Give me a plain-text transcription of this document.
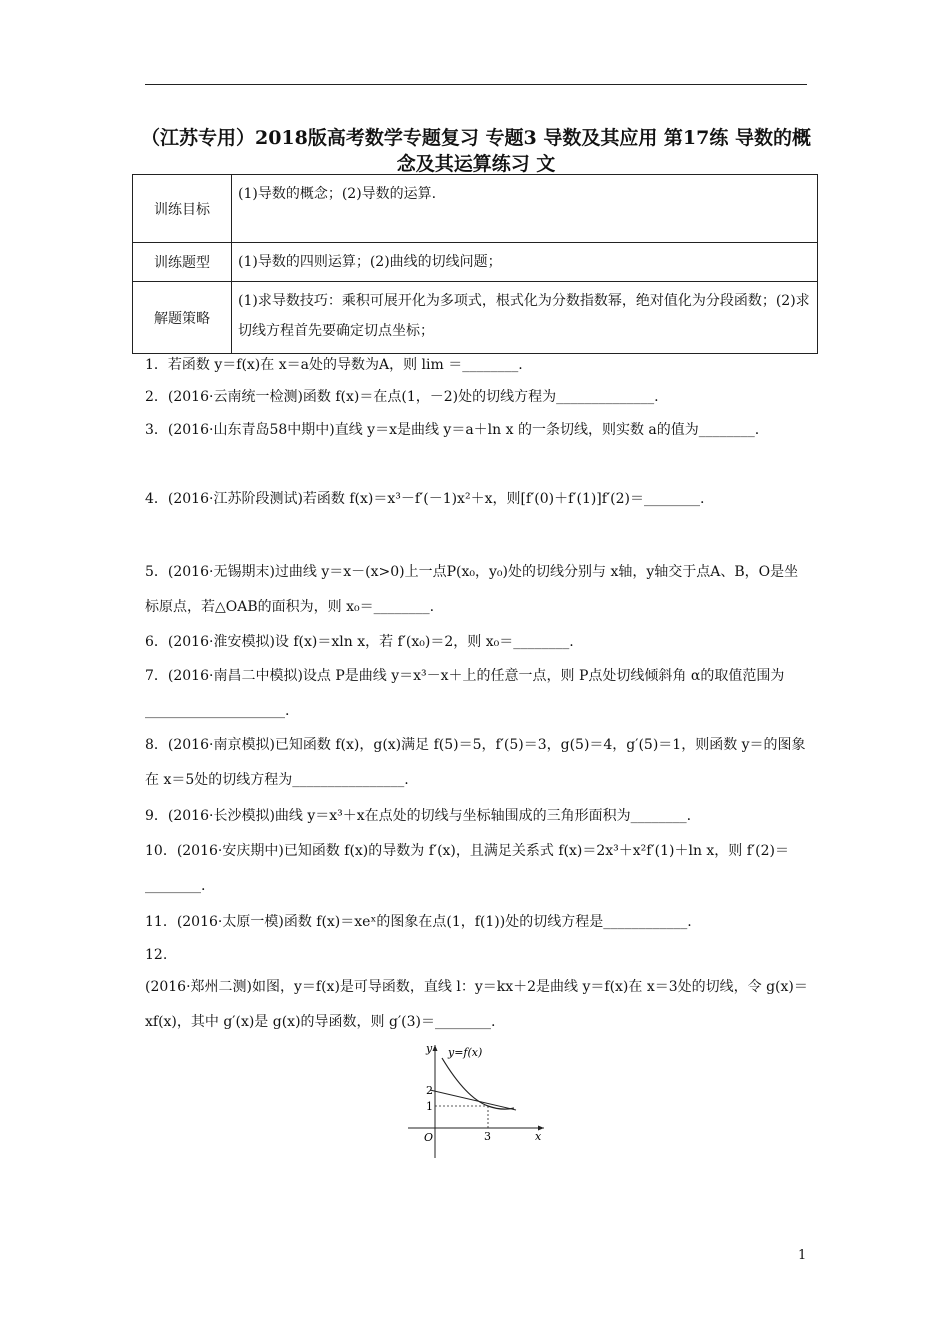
（江苏专用）2018版高考数学专题复习 专题3 导数及其应用 第17练 导数的概念及其运算练习 文
训练目标	(1)导数的概念；(2)导数的运算.
训练题型	(1)导数的四则运算；(2)曲线的切线问题；
解题策略	(1)求导数技巧：乘积可展开化为多项式，根式化为分数指数幂，绝对值化为分段函数；(2)求切线方程首先要确定切点坐标；
1．若函数 y＝f(x)在 x＝a处的导数为A，则 lim ＝________.
2．(2016·云南统一检测)函数 f(x)＝在点(1，－2)处的切线方程为______________.
3．(2016·山东青岛58中期中)直线 y＝x是曲线 y＝a＋ln x 的一条切线，则实数 a的值为________.
4．(2016·江苏阶段测试)若函数 f(x)＝x³－f′(－1)x²＋x，则[f′(0)＋f′(1)]f′(2)＝________.
5．(2016·无锡期末)过曲线 y＝x－(x>0)上一点P(x₀，y₀)处的切线分别与 x轴，y轴交于点A、B，O是坐标原点，若△OAB的面积为，则 x₀＝________.
6．(2016·淮安模拟)设 f(x)＝xln x，若 f′(x₀)＝2，则 x₀＝________.
7．(2016·南昌二中模拟)设点 P是曲线 y＝x³－x＋上的任意一点，则 P点处切线倾斜角 α的取值范围为____________________.
8．(2016·南京模拟)已知函数 f(x)，g(x)满足 f(5)＝5，f′(5)＝3，g(5)＝4，g′(5)＝1，则函数 y＝的图象在 x＝5处的切线方程为________________.
9．(2016·长沙模拟)曲线 y＝x³＋x在点处的切线与坐标轴围成的三角形面积为________.
10．(2016·安庆期中)已知函数 f(x)的导数为 f′(x)，且满足关系式 f(x)＝2x³＋x²f′(1)＋ln x，则 f′(2)＝________.
11．(2016·太原一模)函数 f(x)＝xeˣ的图象在点(1，f(1))处的切线方程是____________.
12.
(2016·郑州二测)如图，y＝f(x)是可导函数，直线 l：y＝kx＋2是曲线 y＝f(x)在 x＝3处的切线，令 g(x)＝xf(x)，其中 g′(x)是 g(x)的导函数，则 g′(3)＝________.
y=f(x)
y
x
O
2
1
3
1
